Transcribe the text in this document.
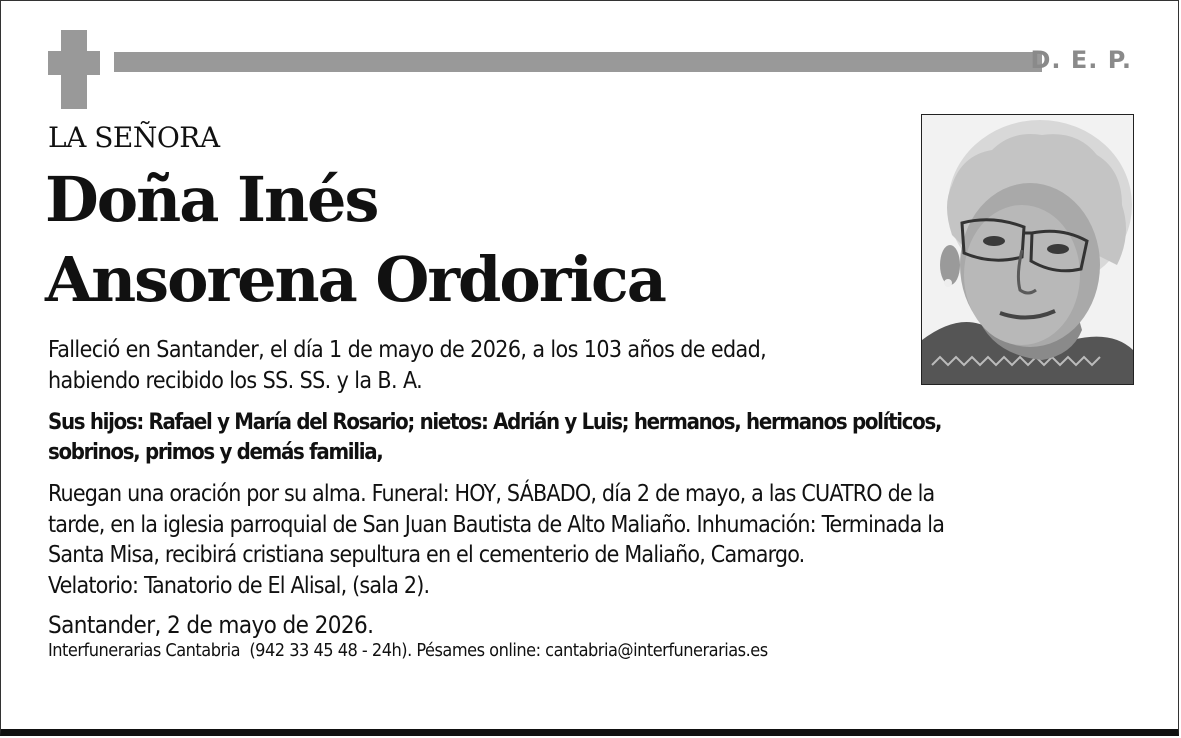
D. E. P.
LA SEÑORA
Doña Inés
Ansorena Ordorica
Falleció en Santander, el día 1 de mayo de 2026, a los 103 años de edad,
habiendo recibido los SS. SS. y la B. A.
Sus hijos: Rafael y María del Rosario; nietos: Adrián y Luis; hermanos, hermanos políticos,
sobrinos, primos y demás familia,
Ruegan una oración por su alma. Funeral: HOY, SÁBADO, día 2 de mayo, a las CUATRO de la
tarde, en la iglesia parroquial de San Juan Bautista de Alto Maliaño. Inhumación: Terminada la
Santa Misa, recibirá cristiana sepultura en el cementerio de Maliaño, Camargo.
Velatorio: Tanatorio de El Alisal, (sala 2).
Santander, 2 de mayo de 2026.
Interfunerarias Cantabria  (942 33 45 48 - 24h). Pésames online: cantabria@interfunerarias.es
